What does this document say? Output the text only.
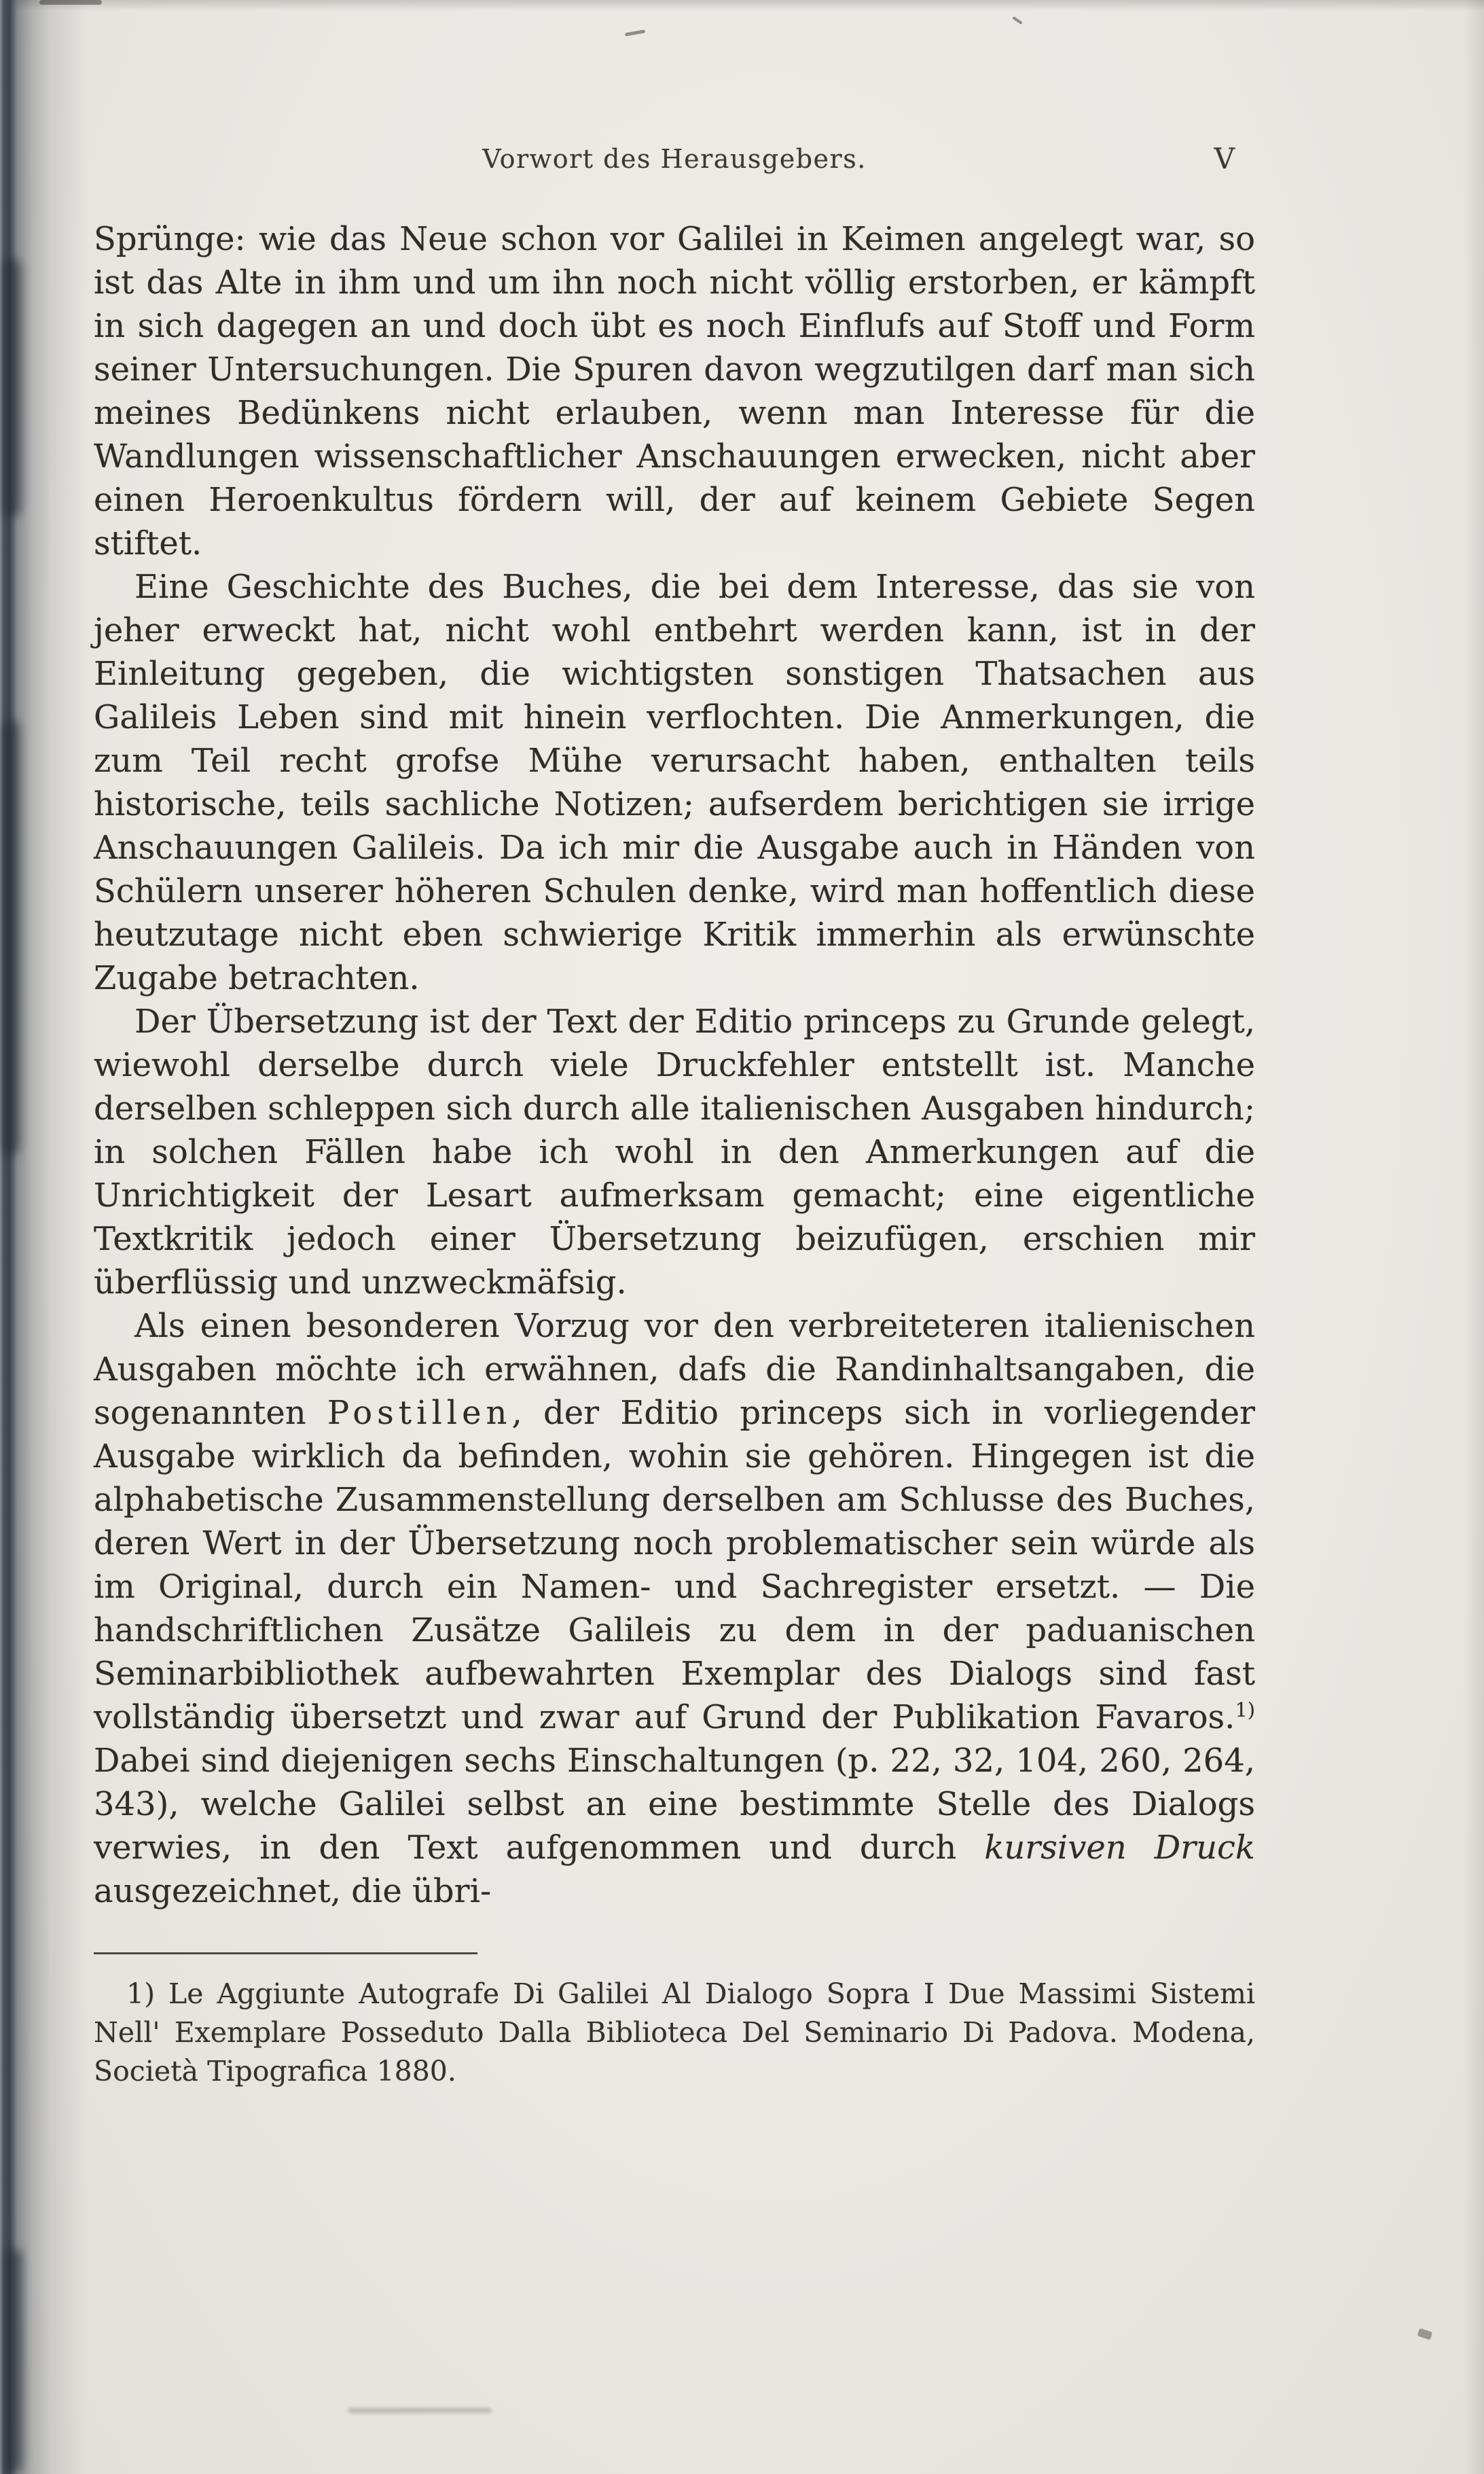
Vorwort des Herausgebers.	V

Sprünge: wie das Neue schon vor Galilei in Keimen angelegt war, so ist das Alte in ihm und um ihn noch nicht völlig erstorben, er kämpft in sich dagegen an und doch übt es noch Einflufs auf Stoff und Form seiner Untersuchungen. Die Spuren davon wegzutilgen darf man sich meines Bedünkens nicht erlauben, wenn man Interesse für die Wandlungen wissenschaftlicher Anschauungen erwecken, nicht aber einen Heroenkultus fördern will, der auf keinem Gebiete Segen stiftet.

Eine Geschichte des Buches, die bei dem Interesse, das sie von jeher erweckt hat, nicht wohl entbehrt werden kann, ist in der Einleitung gegeben, die wichtigsten sonstigen Thatsachen aus Galileis Leben sind mit hinein verflochten. Die Anmerkungen, die zum Teil recht grofse Mühe verursacht haben, enthalten teils historische, teils sachliche Notizen; aufserdem berichtigen sie irrige Anschauungen Galileis. Da ich mir die Ausgabe auch in Händen von Schülern unserer höheren Schulen denke, wird man hoffentlich diese heutzutage nicht eben schwierige Kritik immerhin als erwünschte Zugabe betrachten.

Der Übersetzung ist der Text der Editio princeps zu Grunde gelegt, wiewohl derselbe durch viele Druckfehler entstellt ist. Manche derselben schleppen sich durch alle italienischen Ausgaben hindurch; in solchen Fällen habe ich wohl in den Anmerkungen auf die Unrichtigkeit der Lesart aufmerksam gemacht; eine eigentliche Textkritik jedoch einer Übersetzung beizufügen, erschien mir überflüssig und unzweckmäfsig.

Als einen besonderen Vorzug vor den verbreiteteren italienischen Ausgaben möchte ich erwähnen, dafs die Randinhaltsangaben, die sogenannten Postillen, der Editio princeps sich in vorliegender Ausgabe wirklich da befinden, wohin sie gehören. Hingegen ist die alphabetische Zusammenstellung derselben am Schlusse des Buches, deren Wert in der Übersetzung noch problematischer sein würde als im Original, durch ein Namen- und Sachregister ersetzt. — Die handschriftlichen Zusätze Galileis zu dem in der paduanischen Seminarbibliothek aufbewahrten Exemplar des Dialogs sind fast vollständig übersetzt und zwar auf Grund der Publikation Favaros.$^{1)}$ Dabei sind diejenigen sechs Einschaltungen (p. 22, 32, 104, 260, 264, 343), welche Galilei selbst an eine bestimmte Stelle des Dialogs verwies, in den Text aufgenommen und durch kursiven Druck ausgezeichnet, die übri-

1) Le Aggiunte Autografe Di Galilei Al Dialogo Sopra I Due Massimi Sistemi Nell' Exemplare Posseduto Dalla Biblioteca Del Seminario Di Padova. Modena, Società Tipografica 1880.
